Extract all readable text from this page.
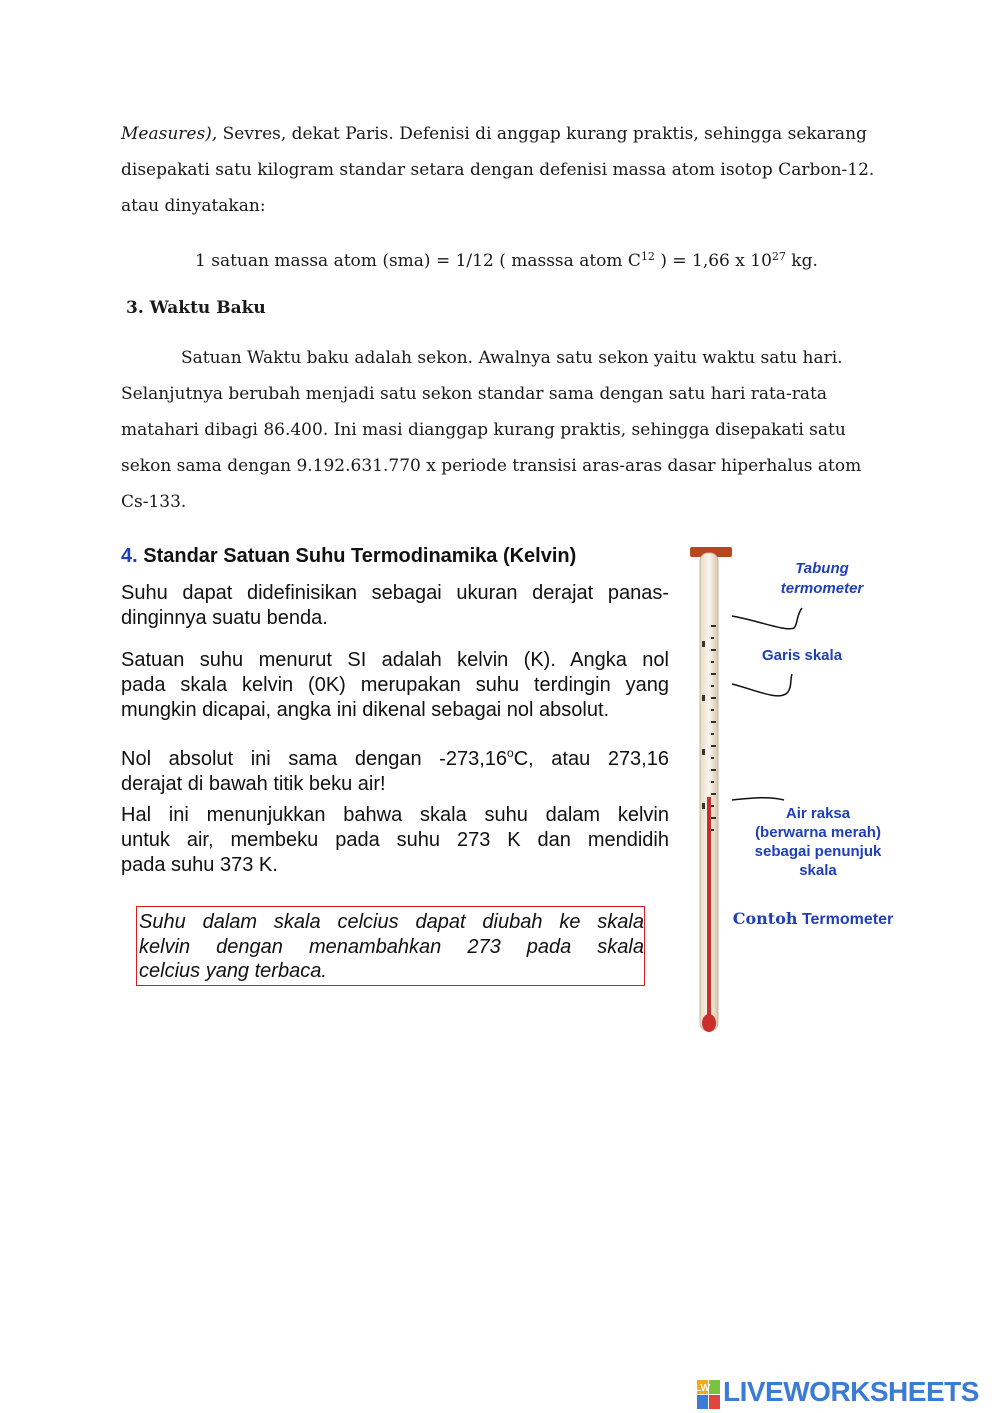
Measures), Sevres, dekat Paris. Defenisi di anggap kurang praktis, sehingga sekarang
disepakati satu kilogram standar setara dengan defenisi massa atom isotop Carbon-12.
atau dinyatakan:
1 satuan massa atom (sma) = 1/12 ( masssa atom $C^{12}$ ) = 1,66 x $10^{27}$ kg.
3. Waktu Baku
Satuan Waktu baku adalah sekon. Awalnya satu sekon yaitu waktu satu hari.
Selanjutnya berubah menjadi satu sekon standar sama dengan satu hari rata-rata
matahari dibagi 86.400. Ini masi dianggap kurang praktis, sehingga disepakati satu
sekon sama dengan 9.192.631.770 x periode transisi aras-aras dasar hiperhalus atom
Cs-133.
4. Standar Satuan Suhu Termodinamika (Kelvin)
Suhu dapat didefinisikan sebagai ukuran derajat panas-
dinginnya suatu benda.
Satuan suhu menurut SI adalah kelvin (K). Angka nol
pada skala kelvin (0K) merupakan suhu terdingin yang
mungkin dicapai, angka ini dikenal sebagai nol absolut.
Nol absolut ini sama dengan -273,16$^o$C, atau 273,16
derajat di bawah titik beku air!
Hal ini menunjukkan bahwa skala suhu dalam kelvin
untuk air, membeku pada suhu 273 K dan mendidih
pada suhu 373 K.
Suhu dalam skala celcius dapat diubah ke skala
kelvin dengan menambahkan 273 pada skala
celcius yang terbaca.
Tabung
termometer
Garis skala
Air raksa
(berwarna merah)
sebagai penunjuk
skala
Contoh Termometer
LW LIVEWORKSHEETS
